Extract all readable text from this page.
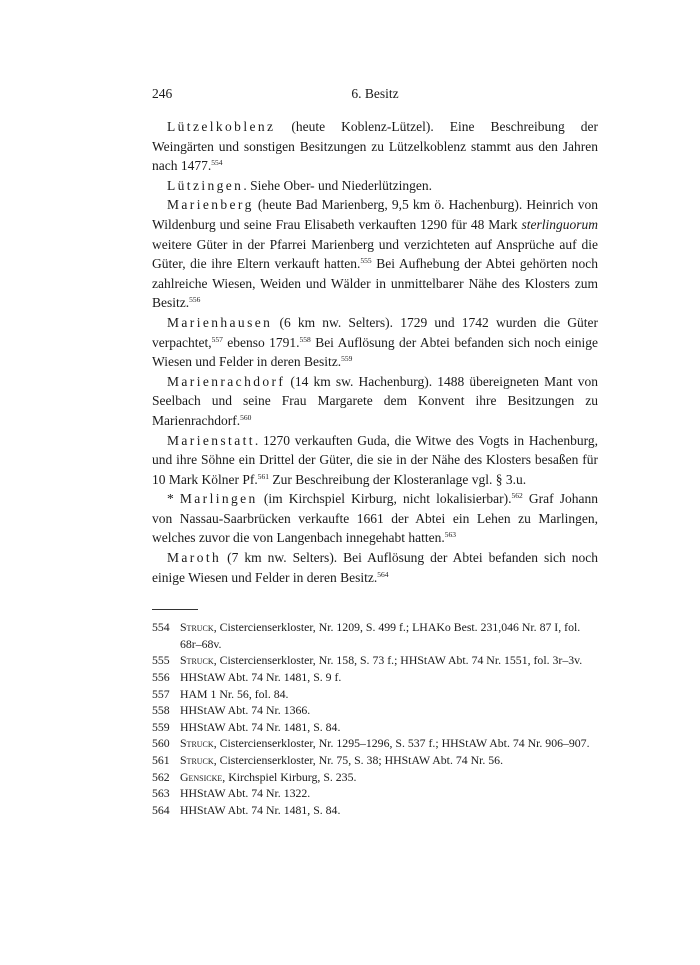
246	6. Besitz

Lützelkoblenz (heute Koblenz-Lützel). Eine Beschreibung der Weingärten und sonstigen Besitzungen zu Lützelkoblenz stammt aus den Jahren nach 1477.$^{554}$

Lützingen. Siehe Ober- und Niederlützingen.

Marienberg (heute Bad Marienberg, 9,5 km ö. Hachenburg). Heinrich von Wildenburg und seine Frau Elisabeth verkauften 1290 für 48 Mark sterlinguorum weitere Güter in der Pfarrei Marienberg und verzichteten auf Ansprüche auf die Güter, die ihre Eltern verkauft hatten.$^{555}$ Bei Aufhebung der Abtei gehörten noch zahlreiche Wiesen, Weiden und Wälder in unmittelbarer Nähe des Klosters zum Besitz.$^{556}$

Marienhausen (6 km nw. Selters). 1729 und 1742 wurden die Güter verpachtet,$^{557}$ ebenso 1791.$^{558}$ Bei Auflösung der Abtei befanden sich noch einige Wiesen und Felder in deren Besitz.$^{559}$

Marienrachdorf (14 km sw. Hachenburg). 1488 übereigneten Mant von Seelbach und seine Frau Margarete dem Konvent ihre Besitzungen zu Marienrachdorf.$^{560}$

Marienstatt. 1270 verkauften Guda, die Witwe des Vogts in Hachenburg, und ihre Söhne ein Drittel der Güter, die sie in der Nähe des Klosters besaßen für 10 Mark Kölner Pf.$^{561}$ Zur Beschreibung der Klosteranlage vgl. § 3.u.

* Marlingen (im Kirchspiel Kirburg, nicht lokalisierbar).$^{562}$ Graf Johann von Nassau-Saarbrücken verkaufte 1661 der Abtei ein Lehen zu Marlingen, welches zuvor die von Langenbach innegehabt hatten.$^{563}$

Maroth (7 km nw. Selters). Bei Auflösung der Abtei befanden sich noch einige Wiesen und Felder in deren Besitz.$^{564}$

554 Struck, Cistercienserkloster, Nr. 1209, S. 499 f.; LHAKo Best. 231,046 Nr. 87 I, fol. 68r–68v.
555 Struck, Cistercienserkloster, Nr. 158, S. 73 f.; HHStAW Abt. 74 Nr. 1551, fol. 3r–3v.
556 HHStAW Abt. 74 Nr. 1481, S. 9 f.
557 HAM 1 Nr. 56, fol. 84.
558 HHStAW Abt. 74 Nr. 1366.
559 HHStAW Abt. 74 Nr. 1481, S. 84.
560 Struck, Cistercienserkloster, Nr. 1295–1296, S. 537 f.; HHStAW Abt. 74 Nr. 906–907.
561 Struck, Cistercienserkloster, Nr. 75, S. 38; HHStAW Abt. 74 Nr. 56.
562 Gensicke, Kirchspiel Kirburg, S. 235.
563 HHStAW Abt. 74 Nr. 1322.
564 HHStAW Abt. 74 Nr. 1481, S. 84.
